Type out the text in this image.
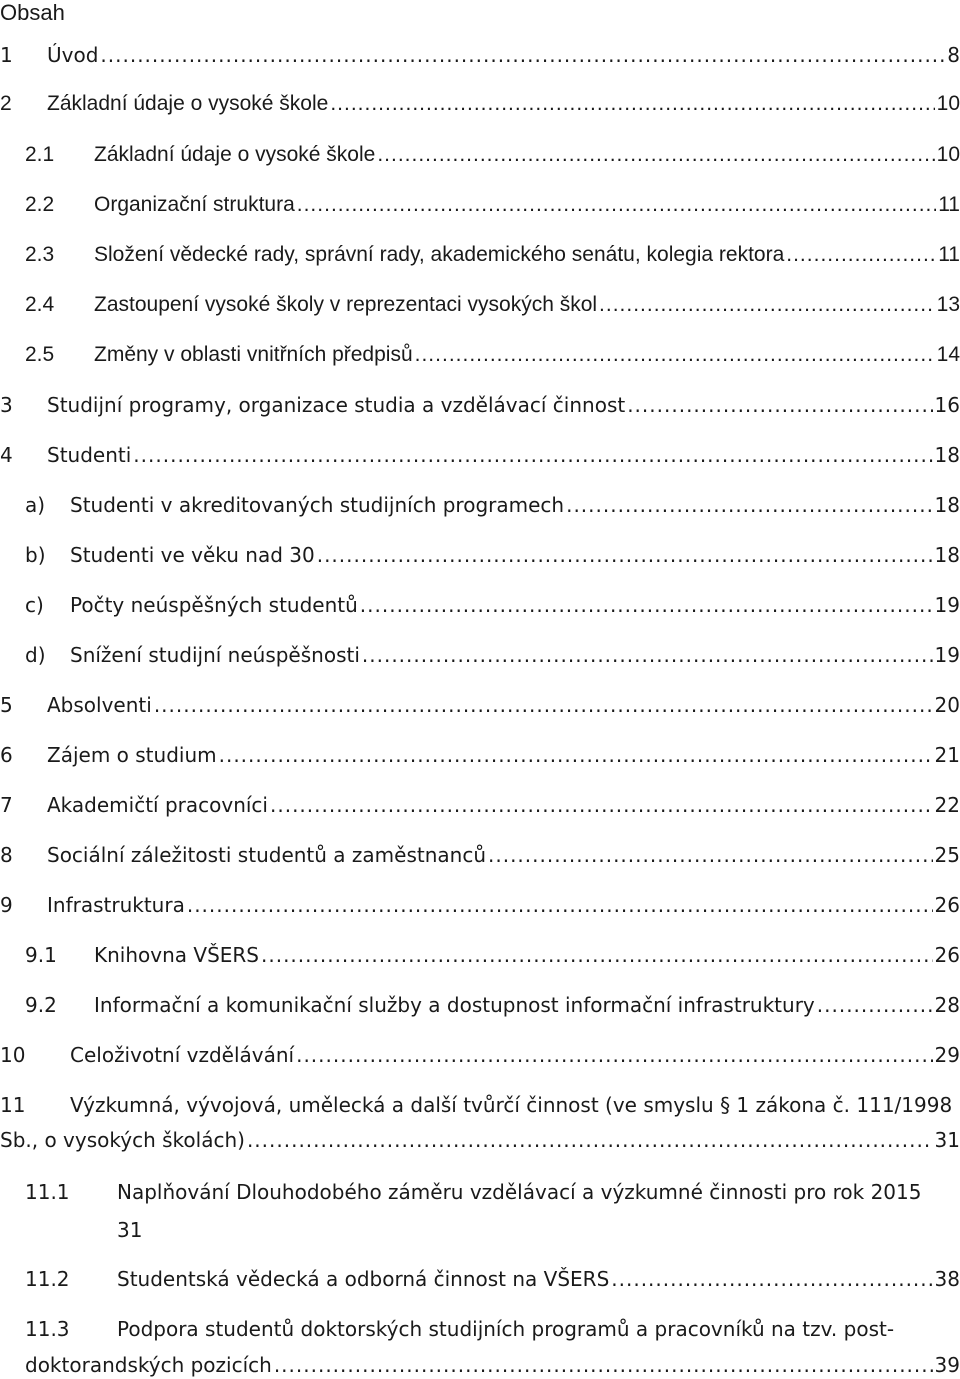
Obsah
1	Úvod .....	8
2	Základní údaje o vysoké škole .....	10
2.1	Základní údaje o vysoké škole .....	10
2.2	Organizační struktura .....	11
2.3	Složení vědecké rady, správní rady, akademického senátu, kolegia rektora .....	11
2.4	Zastoupení vysoké školy v reprezentaci vysokých škol .....	13
2.5	Změny v oblasti vnitřních předpisů .....	14
3	Studijní programy, organizace studia a vzdělávací činnost .....	16
4	Studenti .....	18
a)	Studenti v akreditovaných studijních programech .....	18
b)	Studenti ve věku nad 30 .....	18
c)	Počty neúspěšných studentů .....	19
d)	Snížení studijní neúspěšnosti .....	19
5	Absolventi .....	20
6	Zájem o studium .....	21
7	Akademičtí pracovníci .....	22
8	Sociální záležitosti studentů a zaměstnanců .....	25
9	Infrastruktura .....	26
9.1	Knihovna VŠERS .....	26
9.2	Informační a komunikační služby a dostupnost informační infrastruktury .....	28
10	Celoživotní vzdělávání .....	29
11 Výzkumná, vývojová, umělecká a další tvůrčí činnost (ve smyslu § 1 zákona č. 111/1998
Sb., o vysokých školách) .....	31
11.1 Naplňování Dlouhodobého záměru vzdělávací a výzkumné činnosti pro rok 2015
31
11.2	Studentská vědecká a odborná činnost na VŠERS .....	38
11.3 Podpora studentů doktorských studijních programů a pracovníků na tzv. post-
doktorandských pozicích .....	39
